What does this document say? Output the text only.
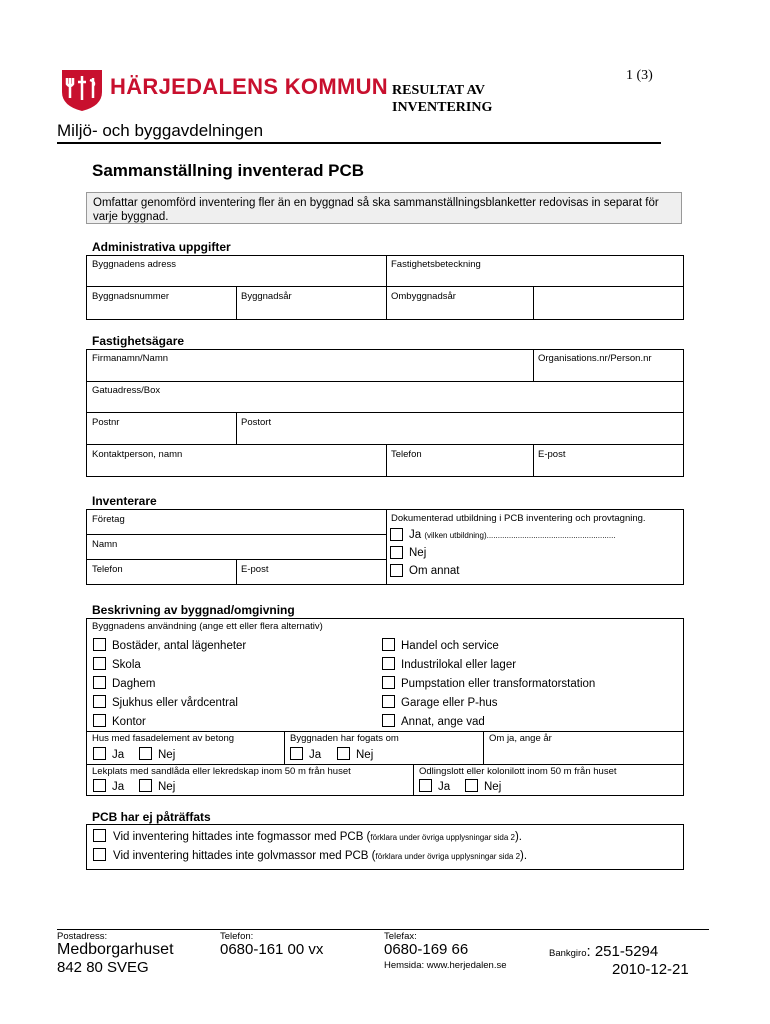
1 (3)
HÄRJEDALENS KOMMUN RESULTAT AV
INVENTERING
Miljö- och byggavdelningen
Sammanställning inventerad PCB
Omfattar genomförd inventering fler än en byggnad så ska sammanställningsblanketter redovisas in separat för varje byggnad.
Administrativa uppgifter
Byggnadens adress	Fastighetsbeteckning
Byggnadsnummer	Byggnadsår	Ombyggnadsår
Fastighetsägare
Firmanamn/Namn	Organisations.nr/Person.nr
Gatuadress/Box
Postnr	Postort
Kontaktperson, namn	Telefon	E-post
Inventerare
Företag
Namn
Telefon	E-post
Dokumenterad utbildning i PCB inventering och provtagning.
Ja (vilken utbildning)..........................................................
Nej
Om annat
Beskrivning av byggnad/omgivning
Byggnadens användning (ange ett eller flera alternativ)
Bostäder, antal lägenheter
Skola
Daghem
Sjukhus eller vårdcentral
Kontor
Handel och service
Industrilokal eller lager
Pumpstation eller transformatorstation
Garage eller P-hus
Annat, ange vad
Hus med fasadelement av betong	Byggnaden har fogats om	Om ja, ange år
Ja	Nej	Ja	Nej
Lekplats med sandlåda eller lekredskap inom 50 m från huset	Odlingslott eller kolonilott inom 50 m från huset
Ja	Nej	Ja	Nej
PCB har ej påträffats
Vid inventering hittades inte fogmassor med PCB (förklara under övriga upplysningar sida 2).
Vid inventering hittades inte golvmassor med PCB (förklara under övriga upplysningar sida 2).
Postadress:
Medborgarhuset
842 80 SVEG
Telefon:
0680-161 00 vx
Telefax:
0680-169 66
Hemsida: www.herjedalen.se
Bankgiro: 251-5294
2010-12-21
